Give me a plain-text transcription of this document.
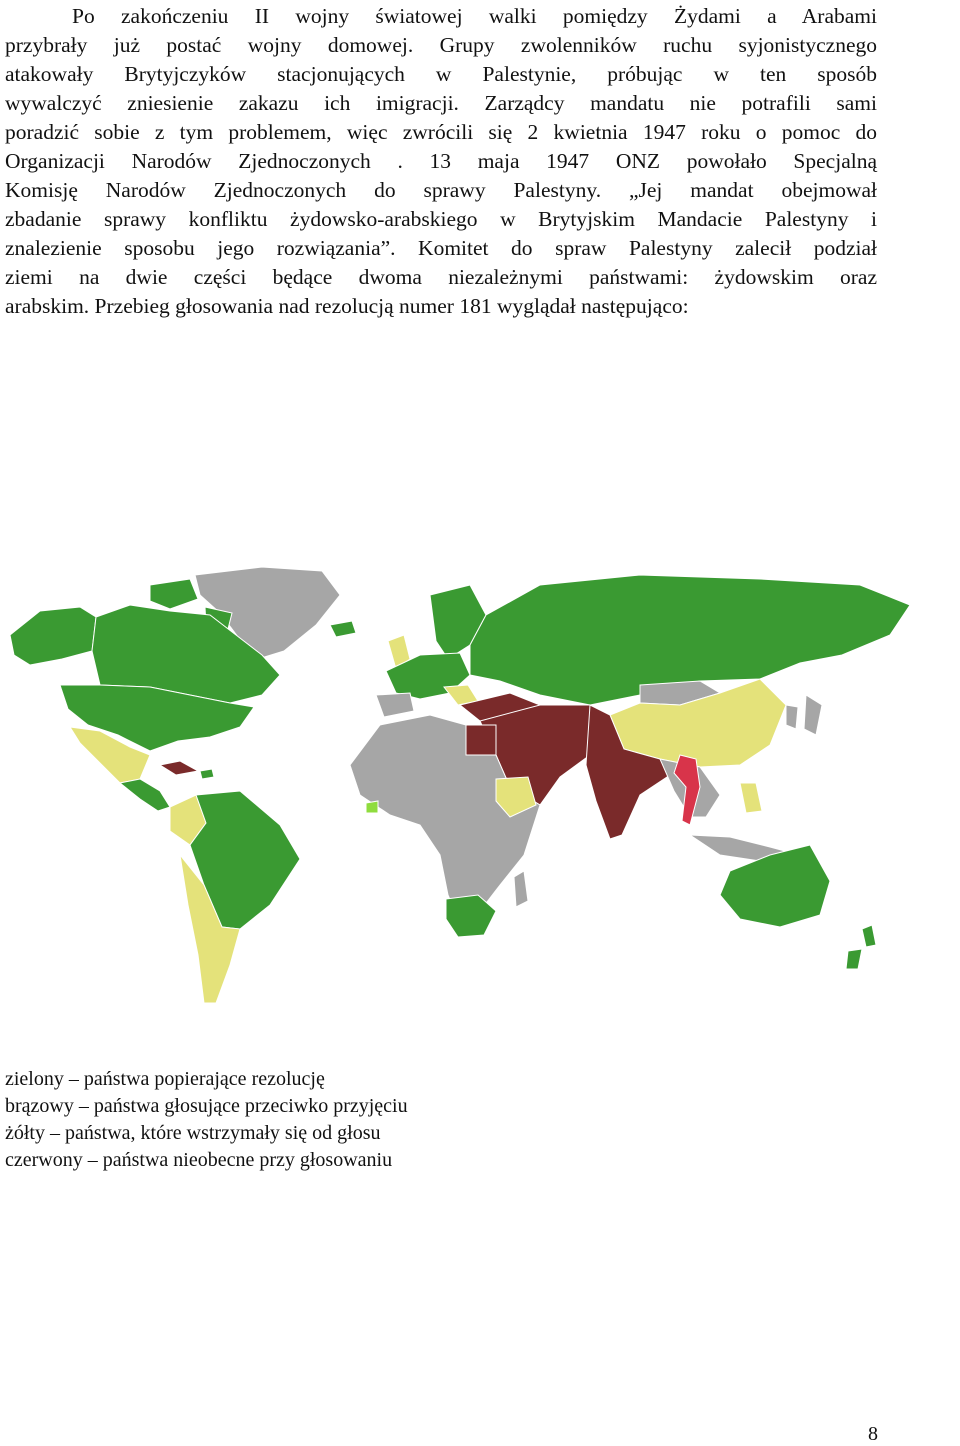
Po zakończeniu II wojny światowej walki pomiędzy Żydami a Arabami
przybrały już postać wojny domowej. Grupy zwolenników ruchu syjonistycznego
atakowały Brytyjczyków stacjonujących w Palestynie, próbując w ten sposób
wywalczyć zniesienie zakazu ich imigracji. Zarządcy mandatu nie potrafili sami
poradzić sobie z tym problemem, więc zwrócili się 2 kwietnia 1947 roku o pomoc do
Organizacji Narodów Zjednoczonych . 13 maja 1947 ONZ powołało Specjalną
Komisję Narodów Zjednoczonych do sprawy Palestyny. „Jej mandat obejmował
zbadanie sprawy konfliktu żydowsko-arabskiego w Brytyjskim Mandacie Palestyny i
znalezienie sposobu jego rozwiązania”. Komitet do spraw Palestyny zalecił podział
ziemi na dwie części będące dwoma niezależnymi państwami: żydowskim oraz
arabskim. Przebieg głosowania nad rezolucją numer 181 wyglądał następująco:
zielony – państwa popierające rezolucję
brązowy – państwa głosujące przeciwko przyjęciu
żółty – państwa, które wstrzymały się od głosu
czerwony – państwa nieobecne przy głosowaniu
8
